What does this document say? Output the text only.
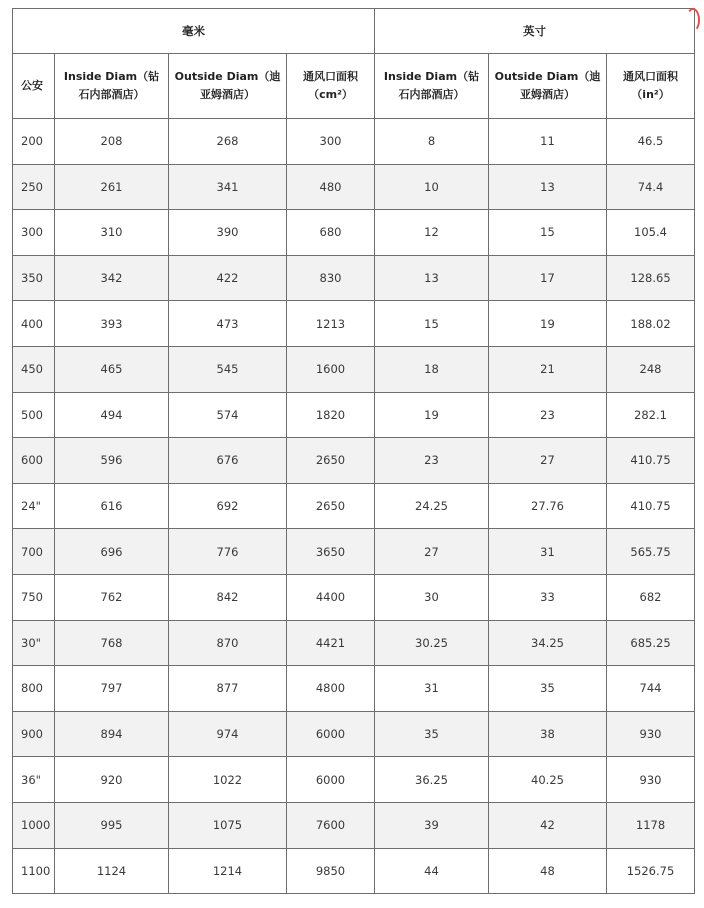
毫米				英寸		
公安	Inside Diam（钻石内部酒店）	Outside Diam（迪亚姆酒店）	通风口面积 （cm²）	Inside Diam（钻石内部酒店）	Outside Diam（迪亚姆酒店）	通风口面积 （in²）
200	208	268	300	8	11	46.5
250	261	341	480	10	13	74.4
300	310	390	680	12	15	105.4
350	342	422	830	13	17	128.65
400	393	473	1213	15	19	188.02
450	465	545	1600	18	21	248
500	494	574	1820	19	23	282.1
600	596	676	2650	23	27	410.75
24"	616	692	2650	24.25	27.76	410.75
700	696	776	3650	27	31	565.75
750	762	842	4400	30	33	682
30"	768	870	4421	30.25	34.25	685.25
800	797	877	4800	31	35	744
900	894	974	6000	35	38	930
36"	920	1022	6000	36.25	40.25	930
1000	995	1075	7600	39	42	1178
1100	1124	1214	9850	44	48	1526.75
